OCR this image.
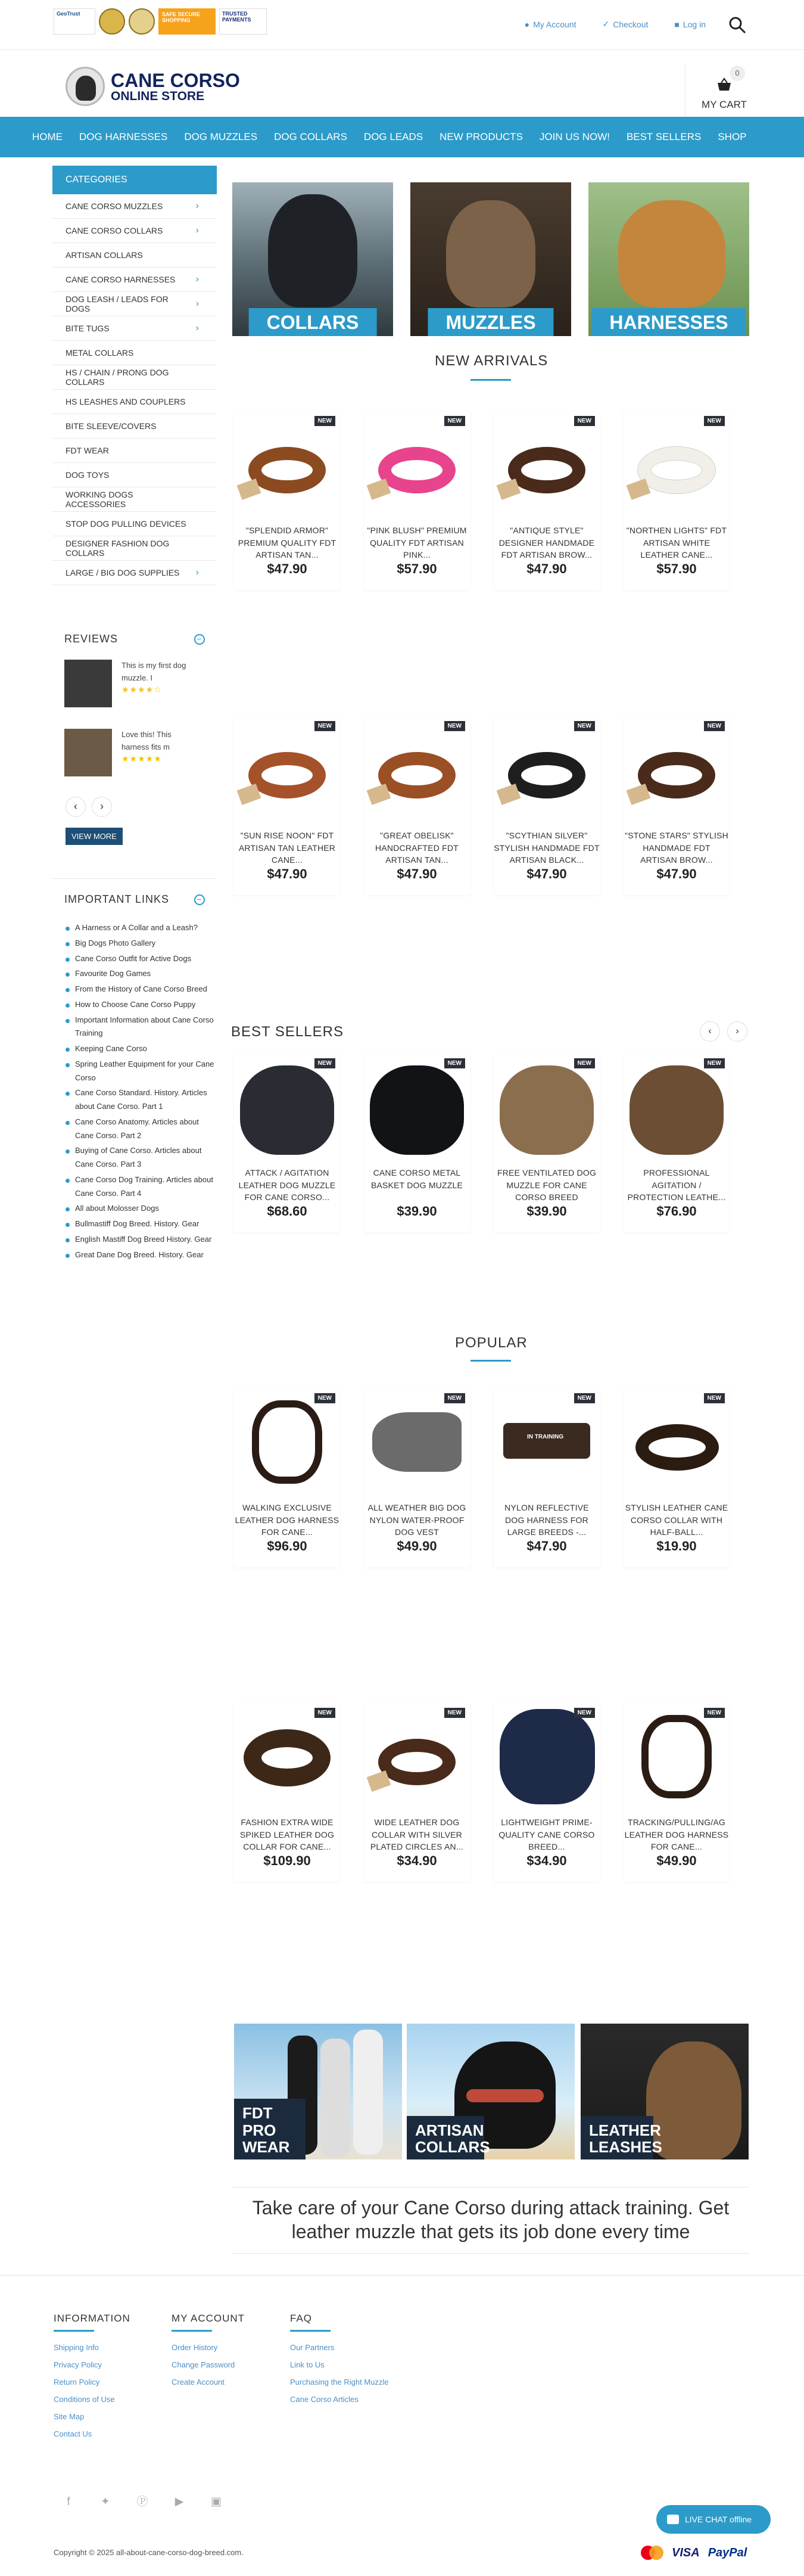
GeoTrust	SAFE SECURE SHOPPING
TRUSTED PAYMENTS	● My Account	✓ Checkout	■ Log in
CANE CORSO
ONLINE STORE
0
MY CART
HOME	DOG HARNESSES	DOG MUZZLES	DOG COLLARS	DOG LEADS	NEW PRODUCTS	JOIN US NOW!	BEST SELLERS	SHOP
CATEGORIES
CANE CORSO MUZZLES	›
CANE CORSO COLLARS	›
ARTISAN COLLARS
CANE CORSO HARNESSES ›
DOG LEASH / LEADS FOR DOGS
›
BITE TUGS	›
METAL COLLARS
HS / CHAIN / PRONG DOG COLLARS
HS LEASHES AND COUPLERS
BITE SLEEVE/COVERS
FDT WEAR
DOG TOYS
WORKING DOGS ACCESSORIES
STOP DOG PULLING DEVICES
DESIGNER FASHION DOG COLLARS
LARGE / BIG DOG SUPPLIES ›
REVIEWS	−
This is my first dog muzzle. I
★★★★☆
Love this! This harness fits m
★★★★★
‹ ›
VIEW MORE
IMPORTANT LINKS	−
A Harness or A Collar and a Leash?
Big Dogs Photo Gallery
Cane Corso Outfit for Active Dogs
Favourite Dog Games
From the History of Cane Corso Breed
How to Choose Cane Corso Puppy
Important Information about Cane Corso Training
Keeping Cane Corso
Spring Leather Equipment for your Cane Corso
Cane Corso Standard. History. Articles about Cane Corso. Part 1
Cane Corso Anatomy. Articles about Cane Corso. Part 2
Buying of Cane Corso. Articles about Cane Corso. Part 3
Cane Corso Dog Training. Articles about Cane Corso. Part 4
All about Molosser Dogs
Bullmastiff Dog Breed. History. Gear
English Mastiff Dog Breed History. Gear
Great Dane Dog Breed. History. Gear
COLLARS	MUZZLES	HARNESSES
NEW ARRIVALS
NEW
"SPLENDID ARMOR" PREMIUM QUALITY FDT ARTISAN TAN...
$47.90
NEW
"PINK BLUSH" PREMIUM QUALITY FDT ARTISAN PINK...
$57.90
NEW
"ANTIQUE STYLE" DESIGNER HANDMADE FDT ARTISAN BROW...
$47.90
NEW
"NORTHEN LIGHTS" FDT ARTISAN WHITE LEATHER CANE...
$57.90
NEW
"SUN RISE NOON" FDT ARTISAN TAN LEATHER CANE...
$47.90
NEW
"GREAT OBELISK" HANDCRAFTED FDT ARTISAN TAN...
$47.90
NEW
"SCYTHIAN SILVER" STYLISH HANDMADE FDT ARTISAN BLACK...
$47.90
NEW
"STONE STARS" STYLISH HANDMADE FDT ARTISAN BROW...
$47.90
BEST SELLERS	‹	›
NEW
ATTACK / AGITATION LEATHER DOG MUZZLE FOR CANE CORSO...
$68.60
NEW
CANE CORSO METAL BASKET DOG MUZZLE
$39.90
NEW
FREE VENTILATED DOG MUZZLE FOR CANE CORSO BREED
$39.90
NEW
PROFESSIONAL AGITATION / PROTECTION LEATHE...
$76.90
POPULAR
NEW
WALKING EXCLUSIVE LEATHER DOG HARNESS FOR CANE...
$96.90
NEW
ALL WEATHER BIG DOG NYLON WATER-PROOF DOG VEST
$49.90
IN TRAINING
NEW
NYLON REFLECTIVE DOG HARNESS FOR LARGE BREEDS -...
$47.90
NEW
STYLISH LEATHER CANE CORSO COLLAR WITH HALF-BALL...
$19.90
NEW
FASHION EXTRA WIDE SPIKED LEATHER DOG COLLAR FOR CANE...
$109.90
NEW
WIDE LEATHER DOG COLLAR WITH SILVER PLATED CIRCLES AN...
$34.90
NEW
LIGHTWEIGHT PRIME-QUALITY CANE CORSO BREED...
$34.90
NEW
TRACKING/PULLING/AG LEATHER DOG HARNESS FOR CANE...
$49.90
FDT PRO WEAR
ARTISAN COLLARS
LEATHER LEASHES
Take care of your Cane Corso during attack training. Get leather muzzle that gets its job done every time
INFORMATION
Shipping Info
Privacy Policy
Return Policy
Conditions of Use
Site Map
Contact Us
MY ACCOUNT
Order History
Change Password
Create Account
FAQ
Our Partners
Link to Us
Purchasing the Right Muzzle
Cane Corso Articles
f	✦ Ⓟ ▶ ▣
LIVE CHAT offline
Copyright © 2025 all-about-cane-corso-dog-breed.com.	VISA PayPal
